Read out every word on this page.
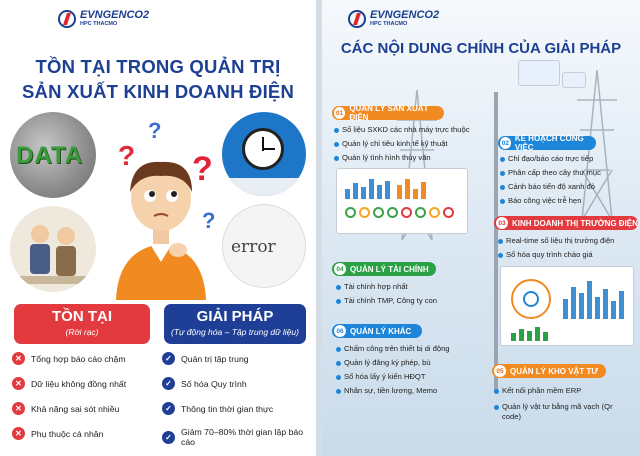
EVNGENCO2
HPC THACMO
TỒN TẠI TRONG QUẢN TRỊ
SẢN XUẤT KINH DOANH ĐIỆN
DATA
error
? ?
?
?
TỒN TẠI
(Rời rạc)
GIẢI PHÁP
(Tự động hóa – Tập trung dữ liệu)
✕	Tổng hợp báo cáo chậm
✕	Dữ liệu không đồng nhất
✕	Khả năng sai sót nhiều
✕	Phụ thuộc cá nhân
✓	Quản trị tập trung
✓	Số hóa Quy trình
✓	Thông tin thời gian thực
✓	Giảm 70–80% thời gian lập báo cáo
EVNGENCO2
HPC THACMO
CÁC NỘI DUNG CHÍNH CỦA GIẢI PHÁP
01 QUẢN LÝ SẢN XUẤT ĐIỆN
Số liệu SXKD các nhà máy trực thuộc
Quản lý chỉ tiêu kinh tế kỹ thuật
Quản lý tình hình thủy văn
02 KẾ HOẠCH CÔNG VIỆC
Chỉ đạo/báo cáo trực tiếp
Phân cấp theo cây thư mục
Cảnh báo tiến độ xanh đỏ
Báo công việc trễ hẹn
03 KINH DOANH THỊ TRƯỜNG ĐIỆN
Real-time số liệu thị trường điện
Số hóa quy trình chào giá
04 QUẢN LÝ TÀI CHÍNH
Tài chính hợp nhất
Tài chính TMP, Công ty con
06 QUẢN LÝ KHÁC
Chấm công trên thiết bị di động
Quản lý đăng ký phép, bù
Số hóa lấy ý kiến HĐQT
Nhân sự, tiền lương, Memo
05 QUẢN LÝ KHO VẬT TƯ
Kết nối phần mềm ERP
Quản lý vật tư bằng mã vạch (Qr code)
